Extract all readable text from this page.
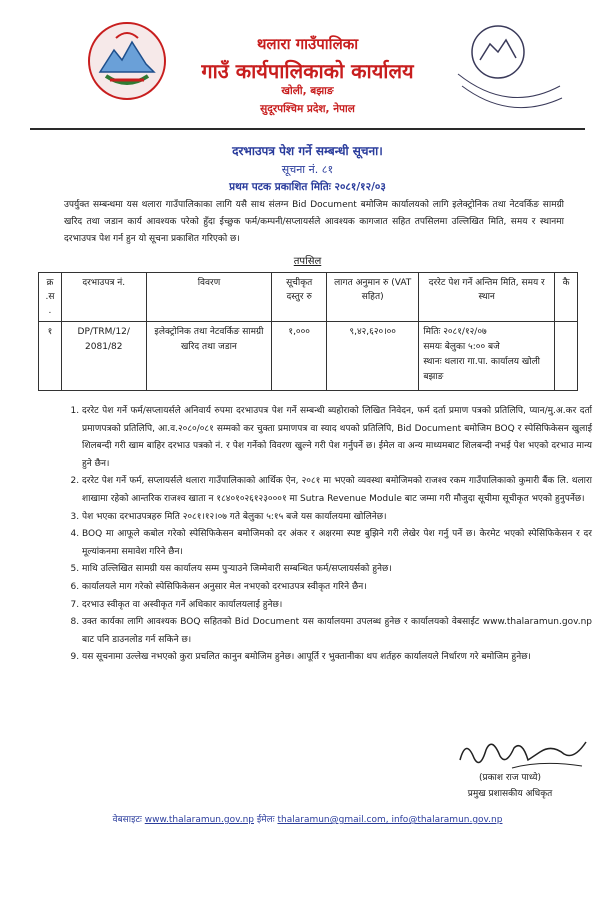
थलारा गाउँपालिका
गाउँ कार्यपालिकाको कार्यालय
खोली, बझाङ
सुदूरपश्चिम प्रदेश, नेपाल
दरभाउपत्र पेश गर्ने सम्बन्धी सूचना।
सूचना नं. ८१
प्रथम पटक प्रकाशित मितिः २०८१/१२/०३
उपर्युक्त सम्बन्धमा यस थलारा गाउँपालिकाका लागि यसै साथ संलग्न Bid Document बमोजिम कार्यालयको लागि इलेक्ट्रोनिक तथा नेटवर्किङ सामग्री खरिद तथा जडान कार्य आवश्यक परेको हुँदा ईच्छुक फर्म/कम्पनी/सप्लायर्सले आवश्यक कागजात सहित तपसिलमा उल्लिखित मिति, समय र स्थानमा दरभाउपत्र पेश गर्न हुन यो सूचना प्रकाशित गरिएको छ।
तपसिल
क्र .स .	दरभाउपत्र नं.	विवरण	सूचीकृत दस्तुर रु	लागत अनुमान रु (VAT सहित)	दररेट पेश गर्ने अन्तिम मिति, समय र स्थान	कै
१	DP/TRM/12/ 2081/82	इलेक्ट्रोनिक तथा नेटवर्किङ सामग्री खरिद तथा जडान	१,०००	९,४२,६२०।००	मितिः २०८१/१२/०७
समयः बेलुका ५:०० बजे
स्थानः थलारा गा.पा. कार्यालय खोली बझाङ	

1. दररेट पेश गर्ने फर्म/सप्लायर्सले अनिवार्य रुपमा दरभाउपत्र पेश गर्ने सम्बन्धी ब्यहोराको लिखित निवेदन, फर्म दर्ता प्रमाण पत्रको प्रतिलिपि, प्यान/मु.अ.कर दर्ता प्रमाणपत्रको प्रतिलिपि, आ.व.२०८०/०८१ सम्मको कर चुक्ता प्रमाणपत्र वा स्याद थपको प्रतिलिपि, Bid Document बमोजिम BOQ र स्पेसिफिकेसन खुलाई शिलबन्दी गरी खाम बाहिर दरभाउ पत्रको नं. र पेश गर्नेको विवरण खुल्ने गरी पेश गर्नुपर्ने छ। ईमेल वा अन्य माध्यमबाट शिलबन्दी नभई पेश भएको दरभाउ मान्य हुने छैन।
2. दररेट पेश गर्ने फर्म, सप्लायर्सले थलारा गाउँपालिकाको आर्थिक ऐन, २०८१ मा भएको व्यवस्था बमोजिमको राजश्व रकम गाउँपालिकाको कुमारी बैंक लि. थलारा शाखामा रहेको आन्तरिक राजश्व खाता न १८४०१०२६१२३०००१ मा Sutra Revenue Module बाट जम्मा गरी मौजुदा सूचीमा सूचीकृत भएको हुनुपर्नेछ।
3. पेश भएका दरभाउपत्रहरु मिति २०८१।१२।०७ गते बेलुका ५:१५ बजे यस कार्यालयमा खोलिनेछ।
4. BOQ मा आफूले कबोल गरेको स्पेसिफिकेसन बमोजिमको दर अंकर र अक्षरमा स्पष्ट बुझिने गरी लेखेर पेश गर्नु पर्ने छ। केरमेट भएको स्पेसिफिकेसन र दर मूल्यांकनमा समावेश गरिने छैन।
5. माथि उल्लिखित सामग्री यस कार्यालय सम्म पुऱ्याउने जिम्मेवारी सम्बन्धित फर्म/सप्लायर्सको हुनेछ।
6. कार्यालयले माग गरेको स्पेसिफिकेसन अनुसार मेल नभएको दरभाउपत्र स्वीकृत गरिने छैन।
7. दरभाउ स्वीकृत वा अस्वीकृत गर्ने अधिकार कार्यालयलाई हुनेछ।
8. उक्त कार्यका लागि आवश्यक BOQ सहितको Bid Document यस कार्यालयमा उपलब्ध हुनेछ र कार्यालयको वेबसाईट www.thalaramun.gov.np बाट पनि डाउनलोड गर्न सकिने छ।
9. यस सूचनामा उल्लेख नभएको कुरा प्रचलित कानुन बमोजिम हुनेछ। आपूर्ति र भुक्तानीका थप शर्तहरु कार्यालयले निर्धारण गरे बमोजिम हुनेछ।
(प्रकाश राज पाध्ये)
प्रमुख प्रशासकीय अधिकृत
वेबसाइटः www.thalaramun.gov.np ईमेलः thalaramun@gmail.com, info@thalaramun.gov.np
